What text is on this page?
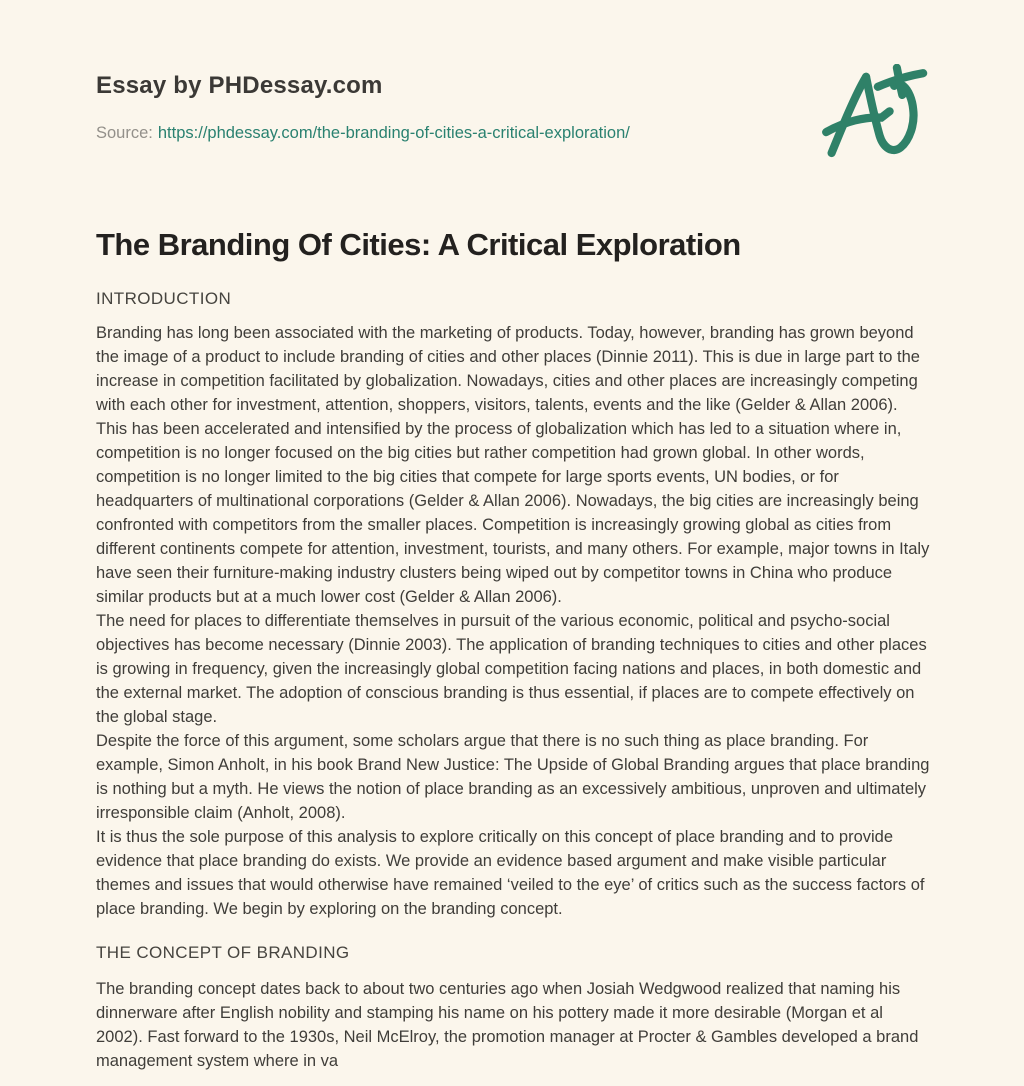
Essay by PHDessay.com
Source: https://phdessay.com/the-branding-of-cities-a-critical-exploration/
The Branding Of Cities: A Critical Exploration
INTRODUCTION

Branding has long been associated with the marketing of products. Today, however, branding has grown beyond the image of a product to include branding of cities and other places (Dinnie 2011). This is due in large part to the increase in competition facilitated by globalization. Nowadays, cities and other places are increasingly competing with each other for investment, attention, shoppers, visitors, talents, events and the like (Gelder & Allan 2006). This has been accelerated and intensified by the process of globalization which has led to a situation where in, competition is no longer focused on the big cities but rather competition had grown global. In other words, competition is no longer limited to the big cities that compete for large sports events, UN bodies, or for headquarters of multinational corporations (Gelder & Allan 2006). Nowadays, the big cities are increasingly being confronted with competitors from the smaller places. Competition is increasingly growing global as cities from different continents compete for attention, investment, tourists, and many others. For example, major towns in Italy have seen their furniture-making industry clusters being wiped out by competitor towns in China who produce similar products but at a much lower cost (Gelder & Allan 2006).

The need for places to differentiate themselves in pursuit of the various economic, political and psycho-social objectives has become necessary (Dinnie 2003). The application of branding techniques to cities and other places is growing in frequency, given the increasingly global competition facing nations and places, in both domestic and the external market. The adoption of conscious branding is thus essential, if places are to compete effectively on the global stage.

Despite the force of this argument, some scholars argue that there is no such thing as place branding. For example, Simon Anholt, in his book Brand New Justice: The Upside of Global Branding argues that place branding is nothing but a myth. He views the notion of place branding as an excessively ambitious, unproven and ultimately irresponsible claim (Anholt, 2008).

It is thus the sole purpose of this analysis to explore critically on this concept of place branding and to provide evidence that place branding do exists. We provide an evidence based argument and make visible particular themes and issues that would otherwise have remained ‘veiled to the eye’ of critics such as the success factors of place branding. We begin by exploring on the branding concept.

THE CONCEPT OF BRANDING

The branding concept dates back to about two centuries ago when Josiah Wedgwood realized that naming his dinnerware after English nobility and stamping his name on his pottery made it more desirable (Morgan et al 2002). Fast forward to the 1930s, Neil McElroy, the promotion manager at Procter & Gambles developed a brand management system where in va
